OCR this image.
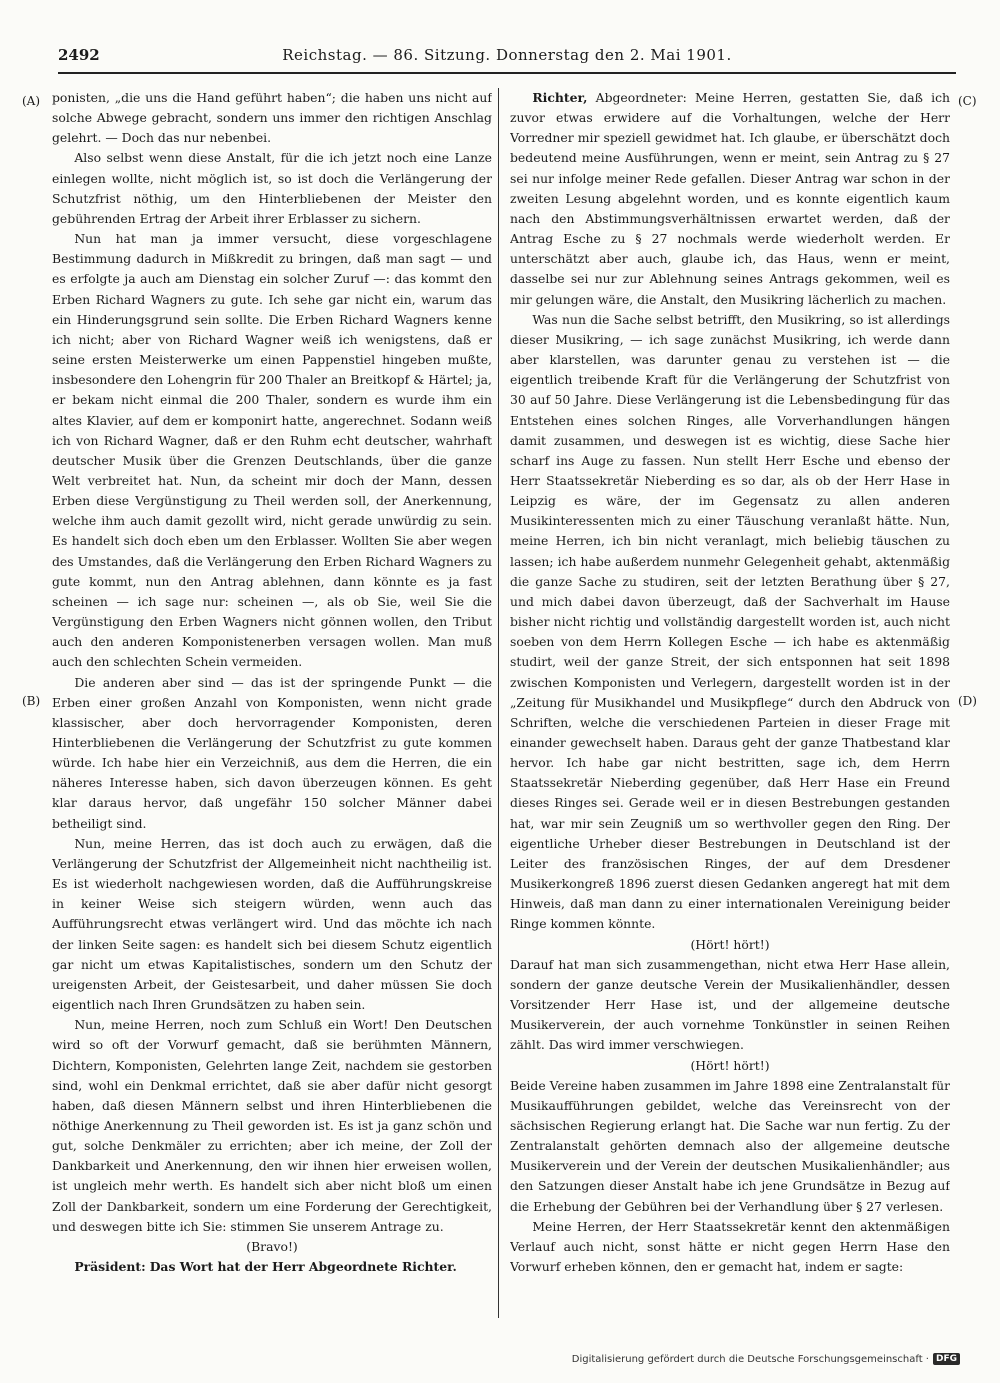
2492	Reichstag. — 86. Sitzung. Donnerstag den 2. Mai 1901.
(A)
(B)
(C)
(D)

ponisten, „die uns die Hand geführt haben“; die haben uns nicht auf solche Abwege gebracht, sondern uns immer den richtigen Anschlag gelehrt. — Doch das nur nebenbei.

Also selbst wenn diese Anstalt, für die ich jetzt noch eine Lanze einlegen wollte, nicht möglich ist, so ist doch die Verlängerung der Schutzfrist nöthig, um den Hinterbliebenen der Meister den gebührenden Ertrag der Arbeit ihrer Erblasser zu sichern.

Nun hat man ja immer versucht, diese vorgeschlagene Bestimmung dadurch in Mißkredit zu bringen, daß man sagt — und es erfolgte ja auch am Dienstag ein solcher Zuruf —: das kommt den Erben Richard Wagners zu gute. Ich sehe gar nicht ein, warum das ein Hinderungsgrund sein sollte. Die Erben Richard Wagners kenne ich nicht; aber von Richard Wagner weiß ich wenigstens, daß er seine ersten Meisterwerke um einen Pappenstiel hingeben mußte, insbesondere den Lohengrin für 200 Thaler an Breitkopf & Härtel; ja, er bekam nicht einmal die 200 Thaler, sondern es wurde ihm ein altes Klavier, auf dem er komponirt hatte, angerechnet. Sodann weiß ich von Richard Wagner, daß er den Ruhm echt deutscher, wahrhaft deutscher Musik über die Grenzen Deutschlands, über die ganze Welt verbreitet hat. Nun, da scheint mir doch der Mann, dessen Erben diese Vergünstigung zu Theil werden soll, der Anerkennung, welche ihm auch damit gezollt wird, nicht gerade unwürdig zu sein. Es handelt sich doch eben um den Erblasser. Wollten Sie aber wegen des Umstandes, daß die Verlängerung den Erben Richard Wagners zu gute kommt, nun den Antrag ablehnen, dann könnte es ja fast scheinen — ich sage nur: scheinen —, als ob Sie, weil Sie die Vergünstigung den Erben Wagners nicht gönnen wollen, den Tribut auch den anderen Komponistenerben versagen wollen. Man muß auch den schlechten Schein vermeiden.

Die anderen aber sind — das ist der springende Punkt — die Erben einer großen Anzahl von Komponisten, wenn nicht grade klassischer, aber doch hervorragender Komponisten, deren Hinterbliebenen die Verlängerung der Schutzfrist zu gute kommen würde. Ich habe hier ein Verzeichniß, aus dem die Herren, die ein näheres Interesse haben, sich davon überzeugen können. Es geht klar daraus hervor, daß ungefähr 150 solcher Männer dabei betheiligt sind.

Nun, meine Herren, das ist doch auch zu erwägen, daß die Verlängerung der Schutzfrist der Allgemeinheit nicht nachtheilig ist. Es ist wiederholt nachgewiesen worden, daß die Aufführungskreise in keiner Weise sich steigern würden, wenn auch das Aufführungsrecht etwas verlängert wird. Und das möchte ich nach der linken Seite sagen: es handelt sich bei diesem Schutz eigentlich gar nicht um etwas Kapitalistisches, sondern um den Schutz der ureigensten Arbeit, der Geistesarbeit, und daher müssen Sie doch eigentlich nach Ihren Grundsätzen zu haben sein.

Nun, meine Herren, noch zum Schluß ein Wort! Den Deutschen wird so oft der Vorwurf gemacht, daß sie berühmten Männern, Dichtern, Komponisten, Gelehrten lange Zeit, nachdem sie gestorben sind, wohl ein Denkmal errichtet, daß sie aber dafür nicht gesorgt haben, daß diesen Männern selbst und ihren Hinterbliebenen die nöthige Anerkennung zu Theil geworden ist. Es ist ja ganz schön und gut, solche Denkmäler zu errichten; aber ich meine, der Zoll der Dankbarkeit und Anerkennung, den wir ihnen hier erweisen wollen, ist ungleich mehr werth. Es handelt sich aber nicht bloß um einen Zoll der Dankbarkeit, sondern um eine Forderung der Gerechtigkeit, und deswegen bitte ich Sie: stimmen Sie unserem Antrage zu.

(Bravo!)

Präsident: Das Wort hat der Herr Abgeordnete Richter.

Richter, Abgeordneter: Meine Herren, gestatten Sie, daß ich zuvor etwas erwidere auf die Vorhaltungen, welche der Herr Vorredner mir speziell gewidmet hat. Ich glaube, er überschätzt doch bedeutend meine Ausführungen, wenn er meint, sein Antrag zu § 27 sei nur infolge meiner Rede gefallen. Dieser Antrag war schon in der zweiten Lesung abgelehnt worden, und es konnte eigentlich kaum nach den Abstimmungsverhältnissen erwartet werden, daß der Antrag Esche zu § 27 nochmals werde wiederholt werden. Er unterschätzt aber auch, glaube ich, das Haus, wenn er meint, dasselbe sei nur zur Ablehnung seines Antrags gekommen, weil es mir gelungen wäre, die Anstalt, den Musikring lächerlich zu machen.

Was nun die Sache selbst betrifft, den Musikring, so ist allerdings dieser Musikring, — ich sage zunächst Musikring, ich werde dann aber klarstellen, was darunter genau zu verstehen ist — die eigentlich treibende Kraft für die Verlängerung der Schutzfrist von 30 auf 50 Jahre. Diese Verlängerung ist die Lebensbedingung für das Entstehen eines solchen Ringes, alle Vorverhandlungen hängen damit zusammen, und deswegen ist es wichtig, diese Sache hier scharf ins Auge zu fassen. Nun stellt Herr Esche und ebenso der Herr Staatssekretär Nieberding es so dar, als ob der Herr Hase in Leipzig es wäre, der im Gegensatz zu allen anderen Musikinteressenten mich zu einer Täuschung veranlaßt hätte. Nun, meine Herren, ich bin nicht veranlagt, mich beliebig täuschen zu lassen; ich habe außerdem nunmehr Gelegenheit gehabt, aktenmäßig die ganze Sache zu studiren, seit der letzten Berathung über § 27, und mich dabei davon überzeugt, daß der Sachverhalt im Hause bisher nicht richtig und vollständig dargestellt worden ist, auch nicht soeben von dem Herrn Kollegen Esche — ich habe es aktenmäßig studirt, weil der ganze Streit, der sich entsponnen hat seit 1898 zwischen Komponisten und Verlegern, dargestellt worden ist in der „Zeitung für Musikhandel und Musikpflege“ durch den Abdruck von Schriften, welche die verschiedenen Parteien in dieser Frage mit einander gewechselt haben. Daraus geht der ganze Thatbestand klar hervor. Ich habe gar nicht bestritten, sage ich, dem Herrn Staatssekretär Nieberding gegenüber, daß Herr Hase ein Freund dieses Ringes sei. Gerade weil er in diesen Bestrebungen gestanden hat, war mir sein Zeugniß um so werthvoller gegen den Ring. Der eigentliche Urheber dieser Bestrebungen in Deutschland ist der Leiter des französischen Ringes, der auf dem Dresdener Musikerkongreß 1896 zuerst diesen Gedanken angeregt hat mit dem Hinweis, daß man dann zu einer internationalen Vereinigung beider Ringe kommen könnte.

(Hört! hört!)

Darauf hat man sich zusammengethan, nicht etwa Herr Hase allein, sondern der ganze deutsche Verein der Musikalienhändler, dessen Vorsitzender Herr Hase ist, und der allgemeine deutsche Musikerverein, der auch vornehme Tonkünstler in seinen Reihen zählt. Das wird immer verschwiegen.

(Hört! hört!)

Beide Vereine haben zusammen im Jahre 1898 eine Zentralanstalt für Musikaufführungen gebildet, welche das Vereinsrecht von der sächsischen Regierung erlangt hat. Die Sache war nun fertig. Zu der Zentralanstalt gehörten demnach also der allgemeine deutsche Musikerverein und der Verein der deutschen Musikalienhändler; aus den Satzungen dieser Anstalt habe ich jene Grundsätze in Bezug auf die Erhebung der Gebühren bei der Verhandlung über § 27 verlesen.

Meine Herren, der Herr Staatssekretär kennt den aktenmäßigen Verlauf auch nicht, sonst hätte er nicht gegen Herrn Hase den Vorwurf erheben können, den er gemacht hat, indem er sagte:

Digitalisierung gefördert durch die Deutsche Forschungsgemeinschaft · DFG
